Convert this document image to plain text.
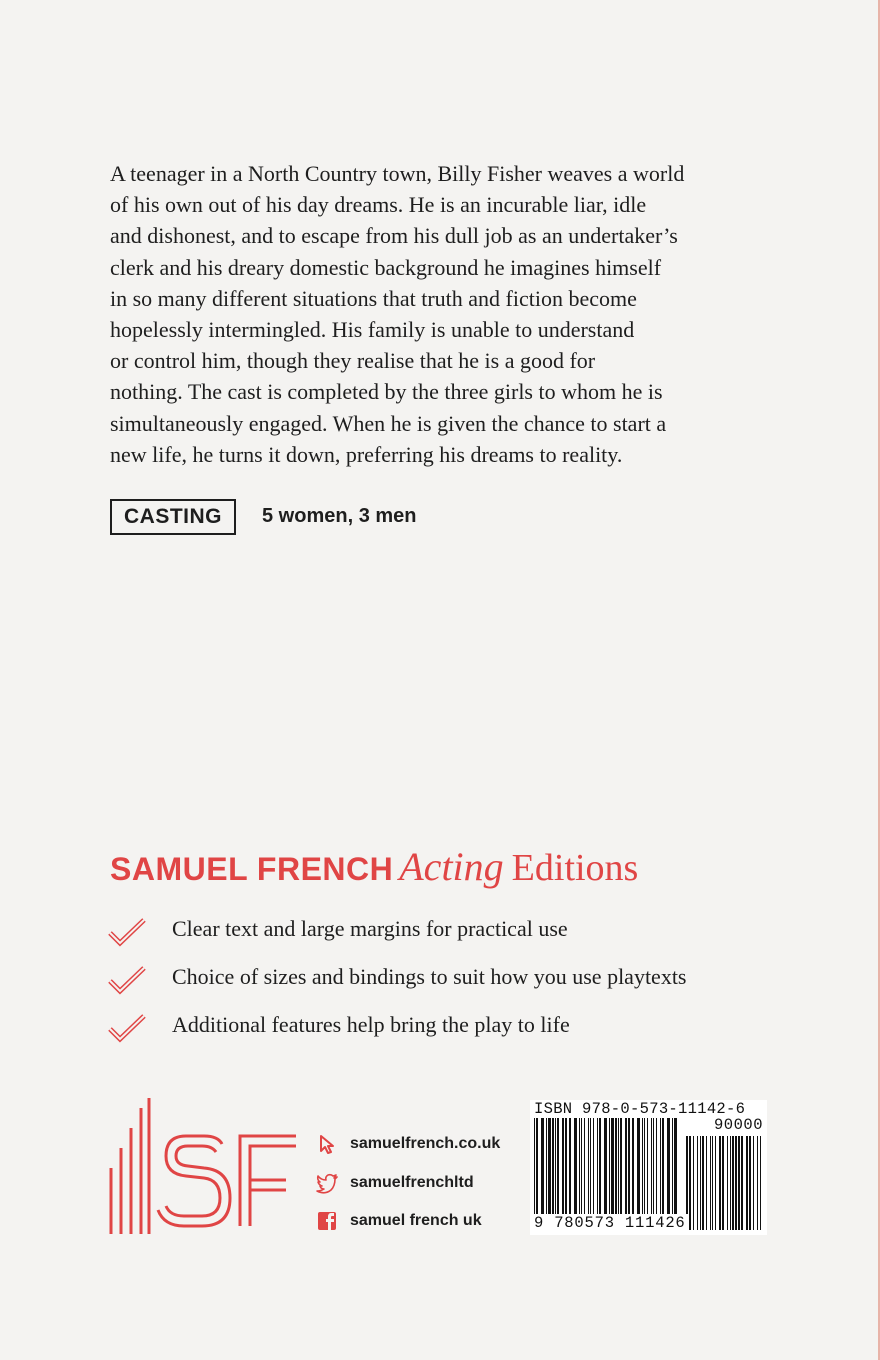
A teenager in a North Country town, Billy Fisher weaves a world
of his own out of his day dreams. He is an incurable liar, idle
and dishonest, and to escape from his dull job as an undertaker’s
clerk and his dreary domestic background he imagines himself
in so many different situations that truth and fiction become
hopelessly intermingled. His family is unable to understand
or control him, though they realise that he is a good for
nothing. The cast is completed by the three girls to whom he is
simultaneously engaged. When he is given the chance to start a
new life, he turns it down, preferring his dreams to reality.
CASTING	5 women, 3 men
SAMUEL FRENCH Acting Editions
Clear text and large margins for practical use
Choice of sizes and bindings to suit how you use playtexts
Additional features help bring the play to life
samuelfrench.co.uk
samuelfrenchltd
samuel french uk
ISBN 978-0-573-11142-6
90000
9 780573 111426
